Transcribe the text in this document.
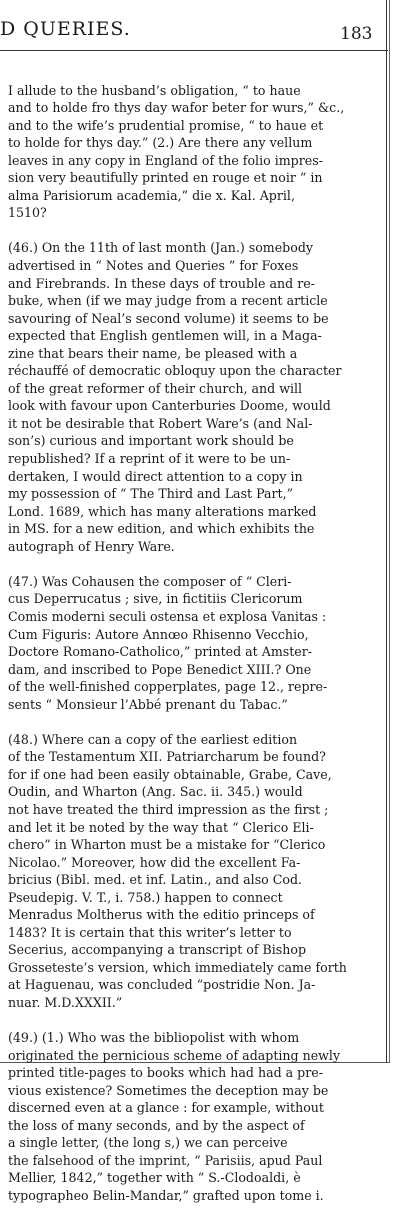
D QUERIES.	183

I allude to the husband’s obligation, “ to haue
and to holde fro thys day wafor beter for wurs,” &c.,
and to the wife’s prudential promise, “ to haue et
to holde for thys day.” (2.) Are there any vellum
leaves in any copy in England of the folio impres-
sion very beautifully printed en rouge et noir “ in
alma Parisiorum academia,” die x. Kal. April,
1510?

(46.) On the 11th of last month (Jan.) somebody
advertised in “ Notes and Queries ” for Foxes
and Firebrands. In these days of trouble and re-
buke, when (if we may judge from a recent article
savouring of Neal’s second volume) it seems to be
expected that English gentlemen will, in a Maga-
zine that bears their name, be pleased with a
réchauffé of democratic obloquy upon the character
of the great reformer of their church, and will
look with favour upon Canterburies Doome, would
it not be desirable that Robert Ware’s (and Nal-
son’s) curious and important work should be
republished? If a reprint of it were to be un-
dertaken, I would direct attention to a copy in
my possession of “ The Third and Last Part,”
Lond. 1689, which has many alterations marked
in MS. for a new edition, and which exhibits the
autograph of Henry Ware.

(47.) Was Cohausen the composer of “ Cleri-
cus Deperrucatus ; sive, in fictitiis Clericorum
Comis moderni seculi ostensa et explosa Vanitas :
Cum Figuris: Autore Annœo Rhisenno Vecchio,
Doctore Romano-Catholico,” printed at Amster-
dam, and inscribed to Pope Benedict XIII.? One
of the well-finished copperplates, page 12., repre-
sents “ Monsieur l’Abbé prenant du Tabac.”

(48.) Where can a copy of the earliest edition
of the Testamentum XII. Patriarcharum be found?
for if one had been easily obtainable, Grabe, Cave,
Oudin, and Wharton (Ang. Sac. ii. 345.) would
not have treated the third impression as the first ;
and let it be noted by the way that “ Clerico Eli-
chero” in Wharton must be a mistake for “Clerico
Nicolao.” Moreover, how did the excellent Fa-
bricius (Bibl. med. et inf. Latin., and also Cod.
Pseudepig. V. T., i. 758.) happen to connect
Menradus Moltherus with the editio princeps of
1483? It is certain that this writer’s letter to
Secerius, accompanying a transcript of Bishop
Grosseteste’s version, which immediately came forth
at Haguenau, was concluded “postridie Non. Ja-
nuar. M.D.XXXII.”

(49.) (1.) Who was the bibliopolist with whom
originated the pernicious scheme of adapting newly
printed title-pages to books which had had a pre-
vious existence? Sometimes the deception may be
discerned even at a glance : for example, without
the loss of many seconds, and by the aspect of
a single letter, (the long s,) we can perceive
the falsehood of the imprint, “ Parisiis, apud Paul
Mellier, 1842,” together with “ S.-Clodoaldi, è
typographeo Belin-Mandar,” grafted upon tome i.
